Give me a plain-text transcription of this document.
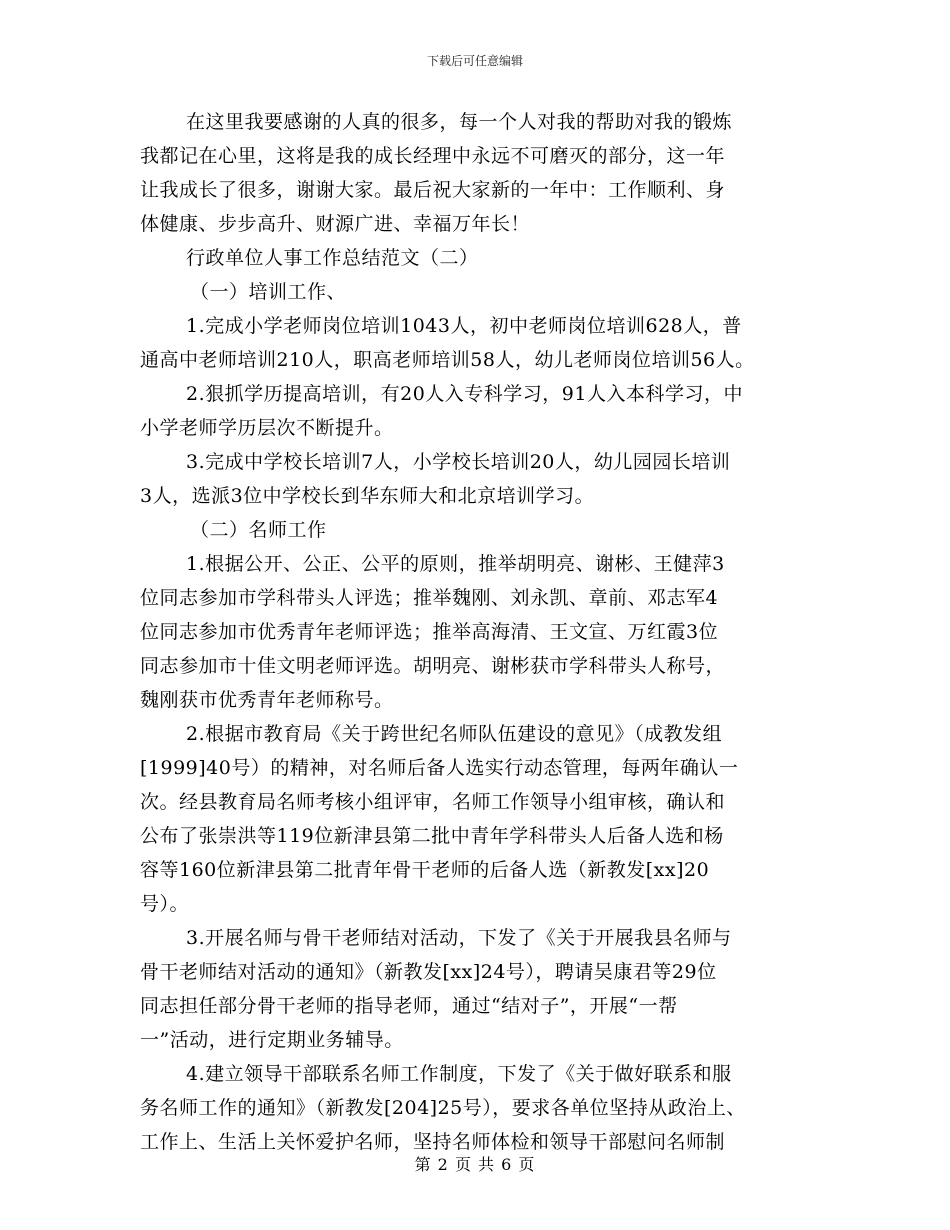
下载后可任意编辑
在这里我要感谢的人真的很多，每一个人对我的帮助对我的锻炼
我都记在心里，这将是我的成长经理中永远不可磨灭的部分，这一年
让我成长了很多，谢谢大家。最后祝大家新的一年中：工作顺利、身
体健康、步步高升、财源广进、幸福万年长！
行政单位人事工作总结范文（二）
（一）培训工作、
1.完成小学老师岗位培训1043人，初中老师岗位培训628人，普
通高中老师培训210人，职高老师培训58人，幼儿老师岗位培训56人。
2.狠抓学历提高培训，有20人入专科学习，91人入本科学习，中
小学老师学历层次不断提升。
3.完成中学校长培训7人，小学校长培训20人，幼儿园园长培训
3人，选派3位中学校长到华东师大和北京培训学习。
（二）名师工作
1.根据公开、公正、公平的原则，推举胡明亮、谢彬、王健萍3
位同志参加市学科带头人评选；推举魏刚、刘永凯、章前、邓志军4
位同志参加市优秀青年老师评选；推举高海清、王文宣、万红霞3位
同志参加市十佳文明老师评选。胡明亮、谢彬获市学科带头人称号，
魏刚获市优秀青年老师称号。
2.根据市教育局《关于跨世纪名师队伍建设的意见》（成教发组
[1999]40号）的精神，对名师后备人选实行动态管理，每两年确认一
次。经县教育局名师考核小组评审，名师工作领导小组审核，确认和
公布了张崇洪等119位新津县第二批中青年学科带头人后备人选和杨
容等160位新津县第二批青年骨干老师的后备人选（新教发[xx]20
号）。
3.开展名师与骨干老师结对活动，下发了《关于开展我县名师与
骨干老师结对活动的通知》（新教发[xx]24号），聘请吴康君等29位
同志担任部分骨干老师的指导老师，通过“结对子”，开展“一帮
一”活动，进行定期业务辅导。
4.建立领导干部联系名师工作制度，下发了《关于做好联系和服
务名师工作的通知》（新教发[204]25号），要求各单位坚持从政治上、
工作上、生活上关怀爱护名师，坚持名师体检和领导干部慰问名师制
第 2 页 共 6 页
